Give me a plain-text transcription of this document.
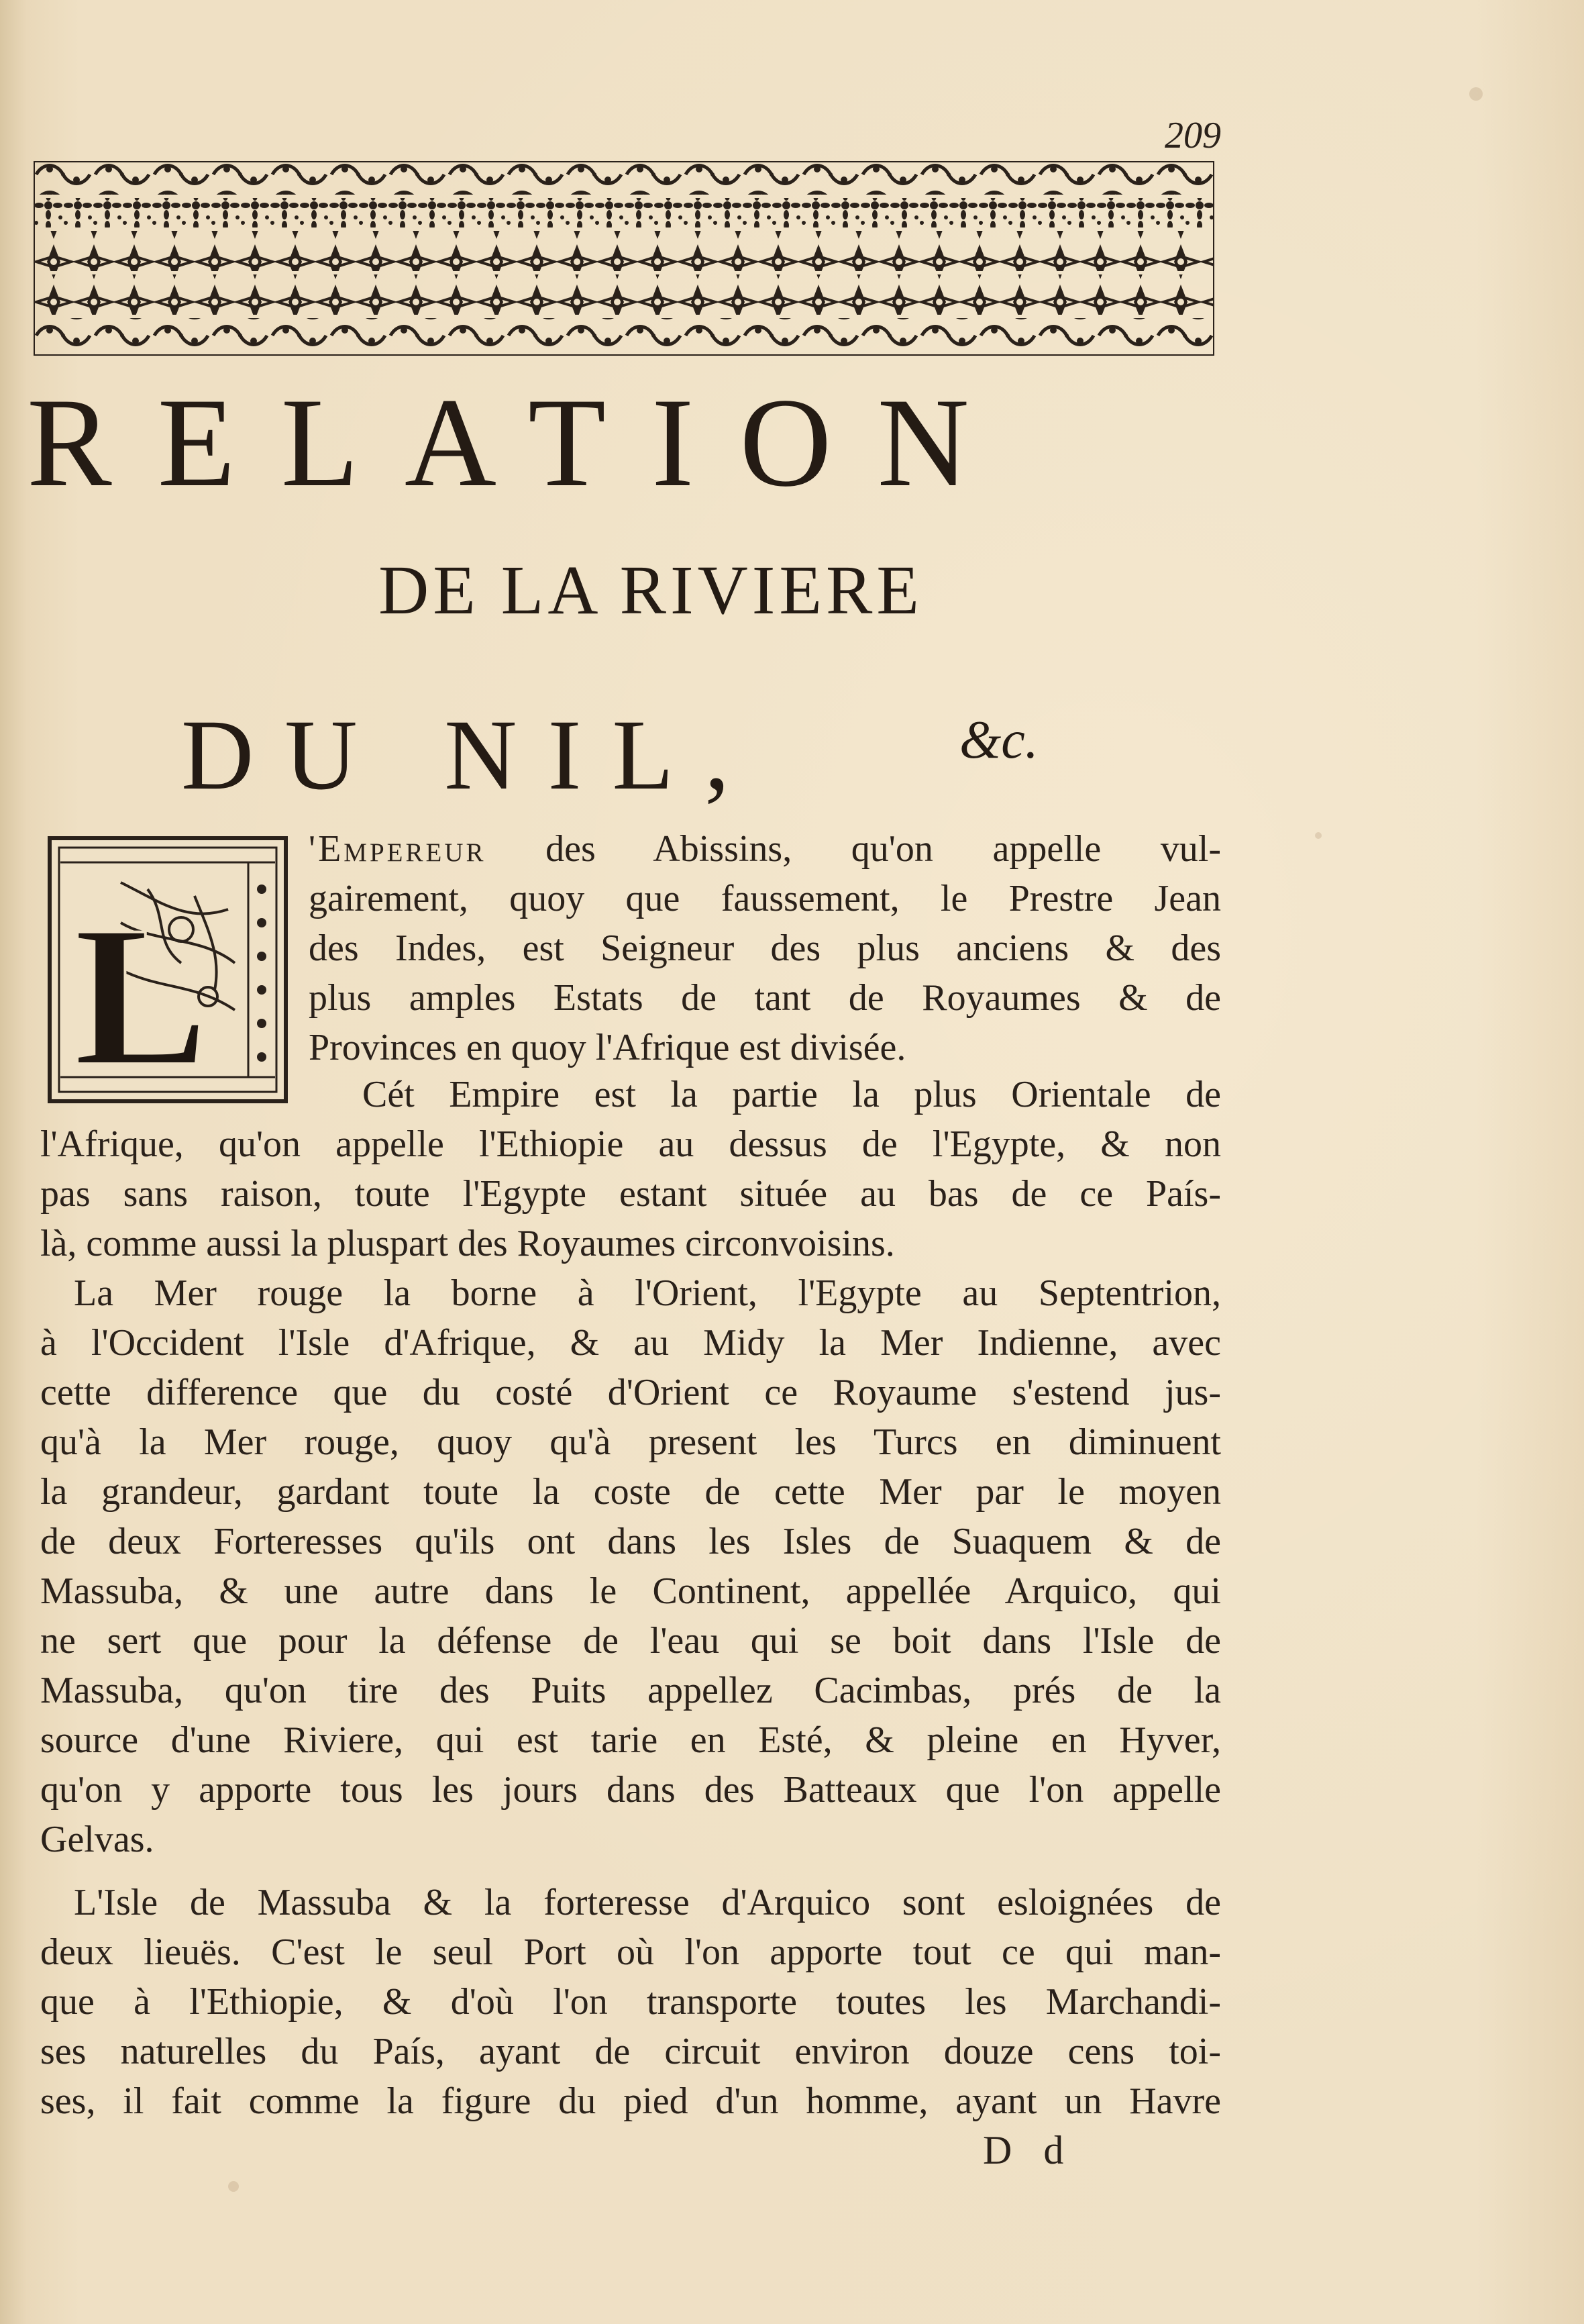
209
RELATION
DE LA RIVIERE
DU NIL,	&c.
L
'Empereur des Abissins, qu'on appelle vul-
gairement, quoy que faussement, le Prestre Jean
des Indes, est Seigneur des plus anciens & des
plus amples Estats de tant de Royaumes & de
Provinces en quoy l'Afrique est divisée.
Cét Empire est la partie la plus Orientale de
l'Afrique, qu'on appelle l'Ethiopie au dessus de l'Egypte, & non
pas sans raison, toute l'Egypte estant située au bas de ce País-
là, comme aussi la pluspart des Royaumes circonvoisins.
La Mer rouge la borne à l'Orient, l'Egypte au Septentrion,
à l'Occident l'Isle d'Afrique, & au Midy la Mer Indienne, avec
cette difference que du costé d'Orient ce Royaume s'estend jus-
qu'à la Mer rouge, quoy qu'à present les Turcs en diminuent
la grandeur, gardant toute la coste de cette Mer par le moyen
de deux Forteresses qu'ils ont dans les Isles de Suaquem & de
Massuba, & une autre dans le Continent, appellée Arquico, qui
ne sert que pour la défense de l'eau qui se boit dans l'Isle de
Massuba, qu'on tire des Puits appellez Cacimbas, prés de la
source d'une Riviere, qui est tarie en Esté, & pleine en Hyver,
qu'on y apporte tous les jours dans des Batteaux que l'on appelle
Gelvas.
L'Isle de Massuba & la forteresse d'Arquico sont esloignées de
deux lieuës. C'est le seul Port où l'on apporte tout ce qui man-
que à l'Ethiopie, & d'où l'on transporte toutes les Marchandi-
ses naturelles du País, ayant de circuit environ douze cens toi-
ses, il fait comme la figure du pied d'un homme, ayant un Havre
D d
